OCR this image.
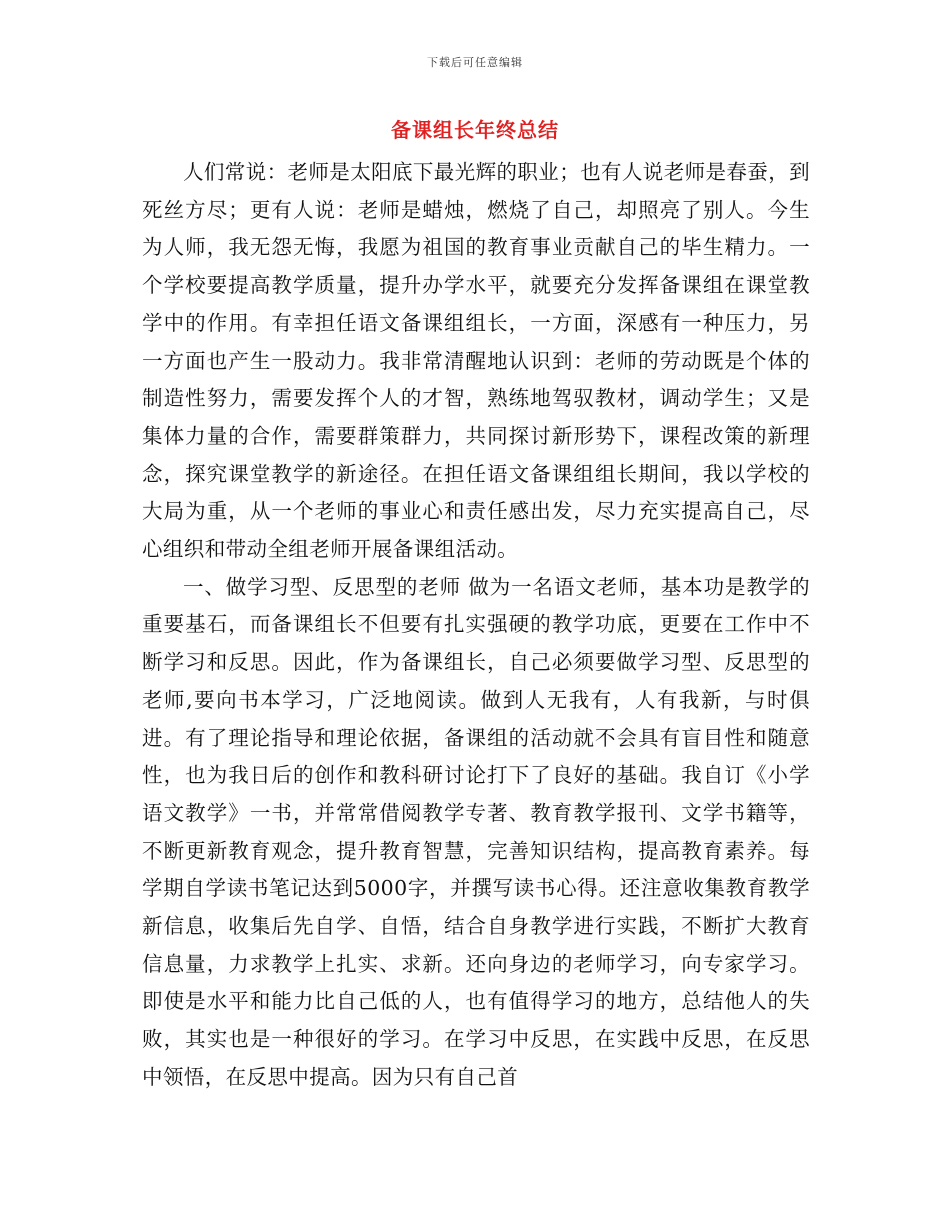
下载后可任意编辑
备课组长年终总结

人们常说：老师是太阳底下最光辉的职业；也有人说老师是春蚕，到死丝方尽；更有人说：老师是蜡烛，燃烧了自己，却照亮了别人。今生为人师，我无怨无悔，我愿为祖国的教育事业贡献自己的毕生精力。一个学校要提高教学质量，提升办学水平，就要充分发挥备课组在课堂教学中的作用。有幸担任语文备课组组长，一方面，深感有一种压力，另一方面也产生一股动力。我非常清醒地认识到：老师的劳动既是个体的制造性努力，需要发挥个人的才智，熟练地驾驭教材，调动学生；又是集体力量的合作，需要群策群力，共同探讨新形势下，课程改策的新理念，探究课堂教学的新途径。在担任语文备课组组长期间，我以学校的大局为重，从一个老师的事业心和责任感出发，尽力充实提高自己，尽心组织和带动全组老师开展备课组活动。

一、做学习型、反思型的老师 做为一名语文老师，基本功是教学的重要基石，而备课组长不但要有扎实强硬的教学功底，更要在工作中不断学习和反思。因此，作为备课组长，自己必须要做学习型、反思型的老师,要向书本学习，广泛地阅读。做到人无我有，人有我新，与时俱进。有了理论指导和理论依据，备课组的活动就不会具有盲目性和随意性，也为我日后的创作和教科研讨论打下了良好的基础。我自订《小学语文教学》一书，并常常借阅教学专著、教育教学报刊、文学书籍等，不断更新教育观念，提升教育智慧，完善知识结构，提高教育素养。每学期自学读书笔记达到5000字，并撰写读书心得。还注意收集教育教学新信息，收集后先自学、自悟，结合自身教学进行实践，不断扩大教育信息量，力求教学上扎实、求新。还向身边的老师学习，向专家学习。即使是水平和能力比自己低的人，也有值得学习的地方，总结他人的失败，其实也是一种很好的学习。在学习中反思，在实践中反思，在反思中领悟，在反思中提高。因为只有自己首
